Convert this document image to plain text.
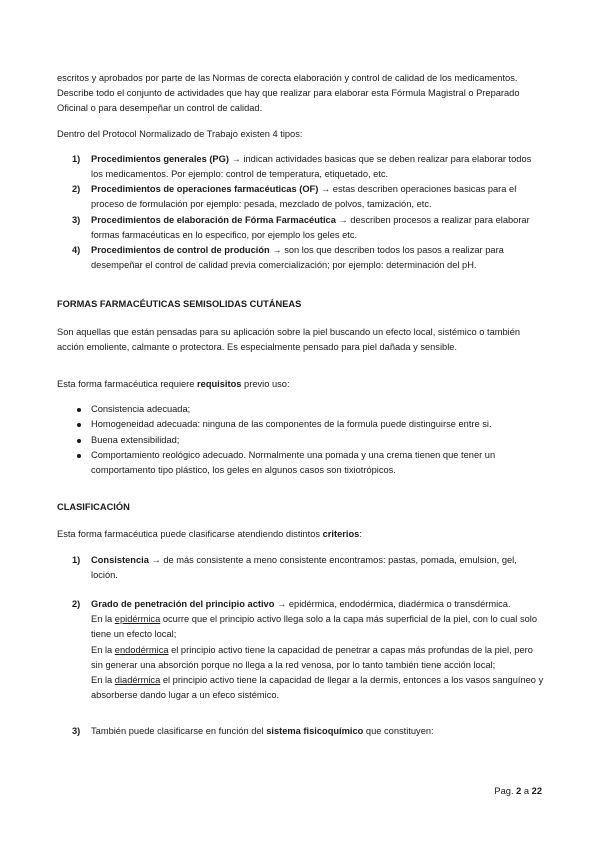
escritos y aprobados por parte de las Normas de corecta elaboración y control de calidad de los medicamentos. Describe todo el conjunto de actividades que hay que realizar para elaborar esta Fórmula Magistral o Preparado Oficinal o para desempeñar un control de calidad.

Dentro del Protocol Normalizado de Trabajo existen 4 tipos:

1) Procedimientos generales (PG) → indican actividades basicas que se deben realizar para elaborar todos los medicamentos. Por ejemplo: control de temperatura, etiquetado, etc.
2) Procedimientos de operaciones farmacéuticas (OF) → estas describen operaciones basicas para el proceso de formulación por ejemplo: pesada, mezclado de polvos, tamización, etc.
3) Procedimientos de elaboración de Fórma Farmacéutica → describen procesos a realizar para elaborar formas farmacéuticas en lo especifico, por ejemplo los geles etc.
4) Procedimientos de control de produción → son los que describen todos los pasos a realizar para desempeñar el control de calidad previa comercialización; por ejemplo: determinación del pH.

FORMAS FARMACÉUTICAS SEMISOLIDAS CUTÁNEAS

Son aquellas que están pensadas para su aplicación sobre la piel buscando un efecto local, sistémico o también acción emoliente, calmante o protectora. Es especialmente pensado para piel dañada y sensible.

Esta forma farmacéutica requiere requisitos previo uso:

Consistencia adecuada;
Homogeneidad adecuada: ninguna de las componentes de la formula puede distinguirse entre si.
Buena extensibilidad;
Comportamiento reológico adecuado. Normalmente una pomada y una crema tienen que tener un comportamento tipo plástico, los geles en algunos casos son tixiotrópicos.

CLASIFICACIÓN

Esta forma farmacéutica puede clasificarse atendiendo distintos criterios:

1) Consistencia → de más consistente a meno consistente encontramos: pastas, pomada, emulsion, gel, loción.
2) Grado de penetración del principio activo → epidérmica, endodérmica, diadérmica o transdérmica.

En la epidérmica ocurre que el principio activo llega solo a la capa más superficial de la piel, con lo cual solo tiene un efecto local;

En la endodérmica el principio activo tiene la capacidad de penetrar a capas más profundas de la piel, pero sin generar una absorción porque no llega a la red venosa, por lo tanto también tiene acción local;

En la diadérmica el principio activo tiene la capacidad de llegar a la dermis, entonces a los vasos sanguíneo y absorberse dando lugar a un efeco sistémico.

3) También puede clasificarse en función del sistema fisicoquímico que constituyen:
Pag. 2 a 22
